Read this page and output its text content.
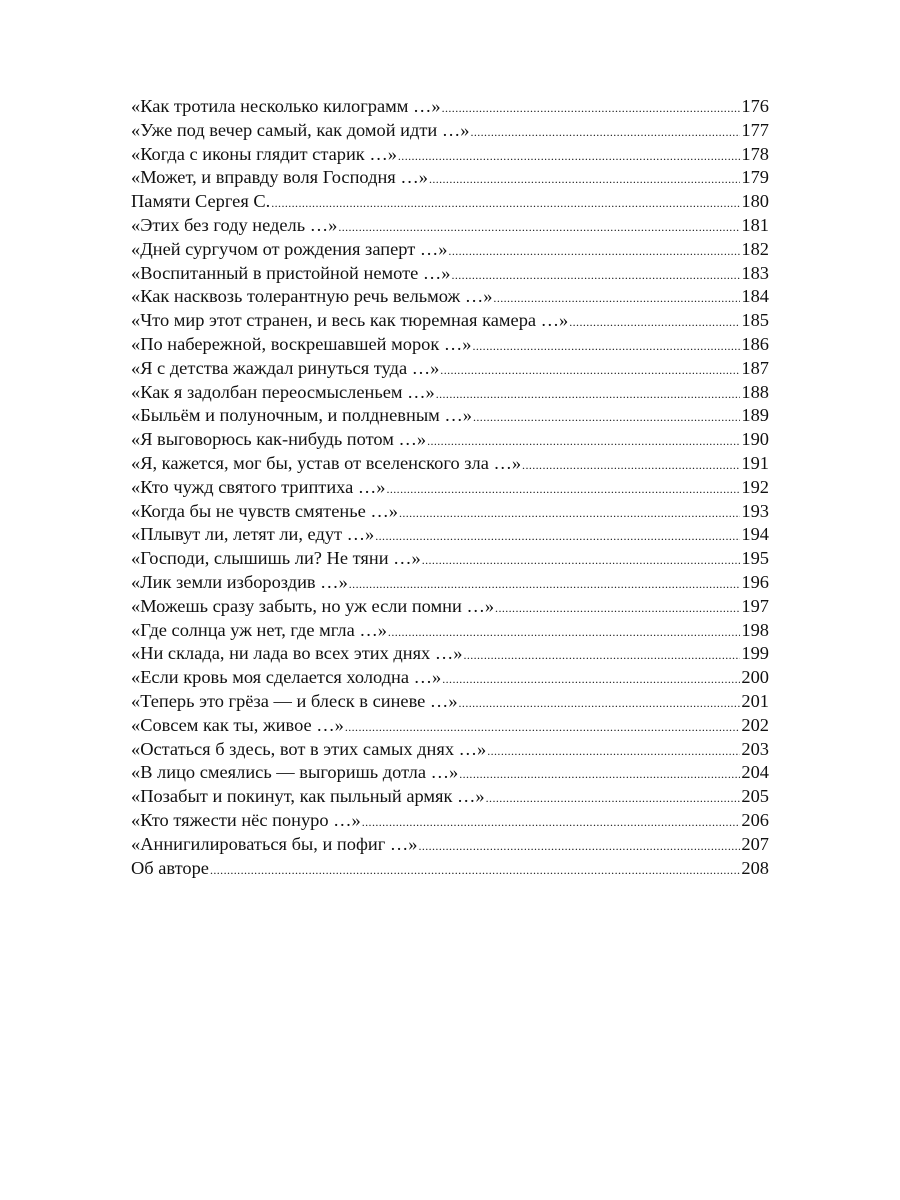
«Как тротила несколько килограмм …» .....	176
«Уже под вечер самый, как домой идти …» .....	177
«Когда с иконы глядит старик …» .....	178
«Может, и вправду воля Господня …» .....	179
Памяти Сергея С. .....	180
«Этих без году недель …» .....	181
«Дней сургучом от рождения заперт …» .....	182
«Воспитанный в пристойной немоте …» .....	183
«Как насквозь толерантную речь вельмож …» .....	184
«Что мир этот странен, и весь как тюремная камера …» .....	185
«По набережной, воскрешавшей морок …» .....	186
«Я с детства жаждал ринуться туда …» .....	187
«Как я задолбан переосмысленьем …» .....	188
«Быльём и полуночным, и полдневным …» .....	189
«Я выговорюсь как-нибудь потом …» .....	190
«Я, кажется, мог бы, устав от вселенского зла …» .....	191
«Кто чужд святого триптиха …» .....	192
«Когда бы не чувств смятенье …» .....	193
«Плывут ли, летят ли, едут …» .....	194
«Господи, слышишь ли? Не тяни …» .....	195
«Лик земли избороздив …» .....	196
«Можешь сразу забыть, но уж если помни …» .....	197
«Где солнца уж нет, где мгла …» .....	198
«Ни склада, ни лада во всех этих днях …» .....	199
«Если кровь моя сделается холодна …» .....	200
«Теперь это грёза — и блеск в синеве …» .....	201
«Совсем как ты, живое …» .....	202
«Остаться б здесь, вот в этих самых днях …» .....	203
«В лицо смеялись — выгоришь дотла …» .....	204
«Позабыт и покинут, как пыльный армяк …» .....	205
«Кто тяжести нёс понуро …» .....	206
«Аннигилироваться бы, и пофиг …» .....	207
Об авторе .....	208
